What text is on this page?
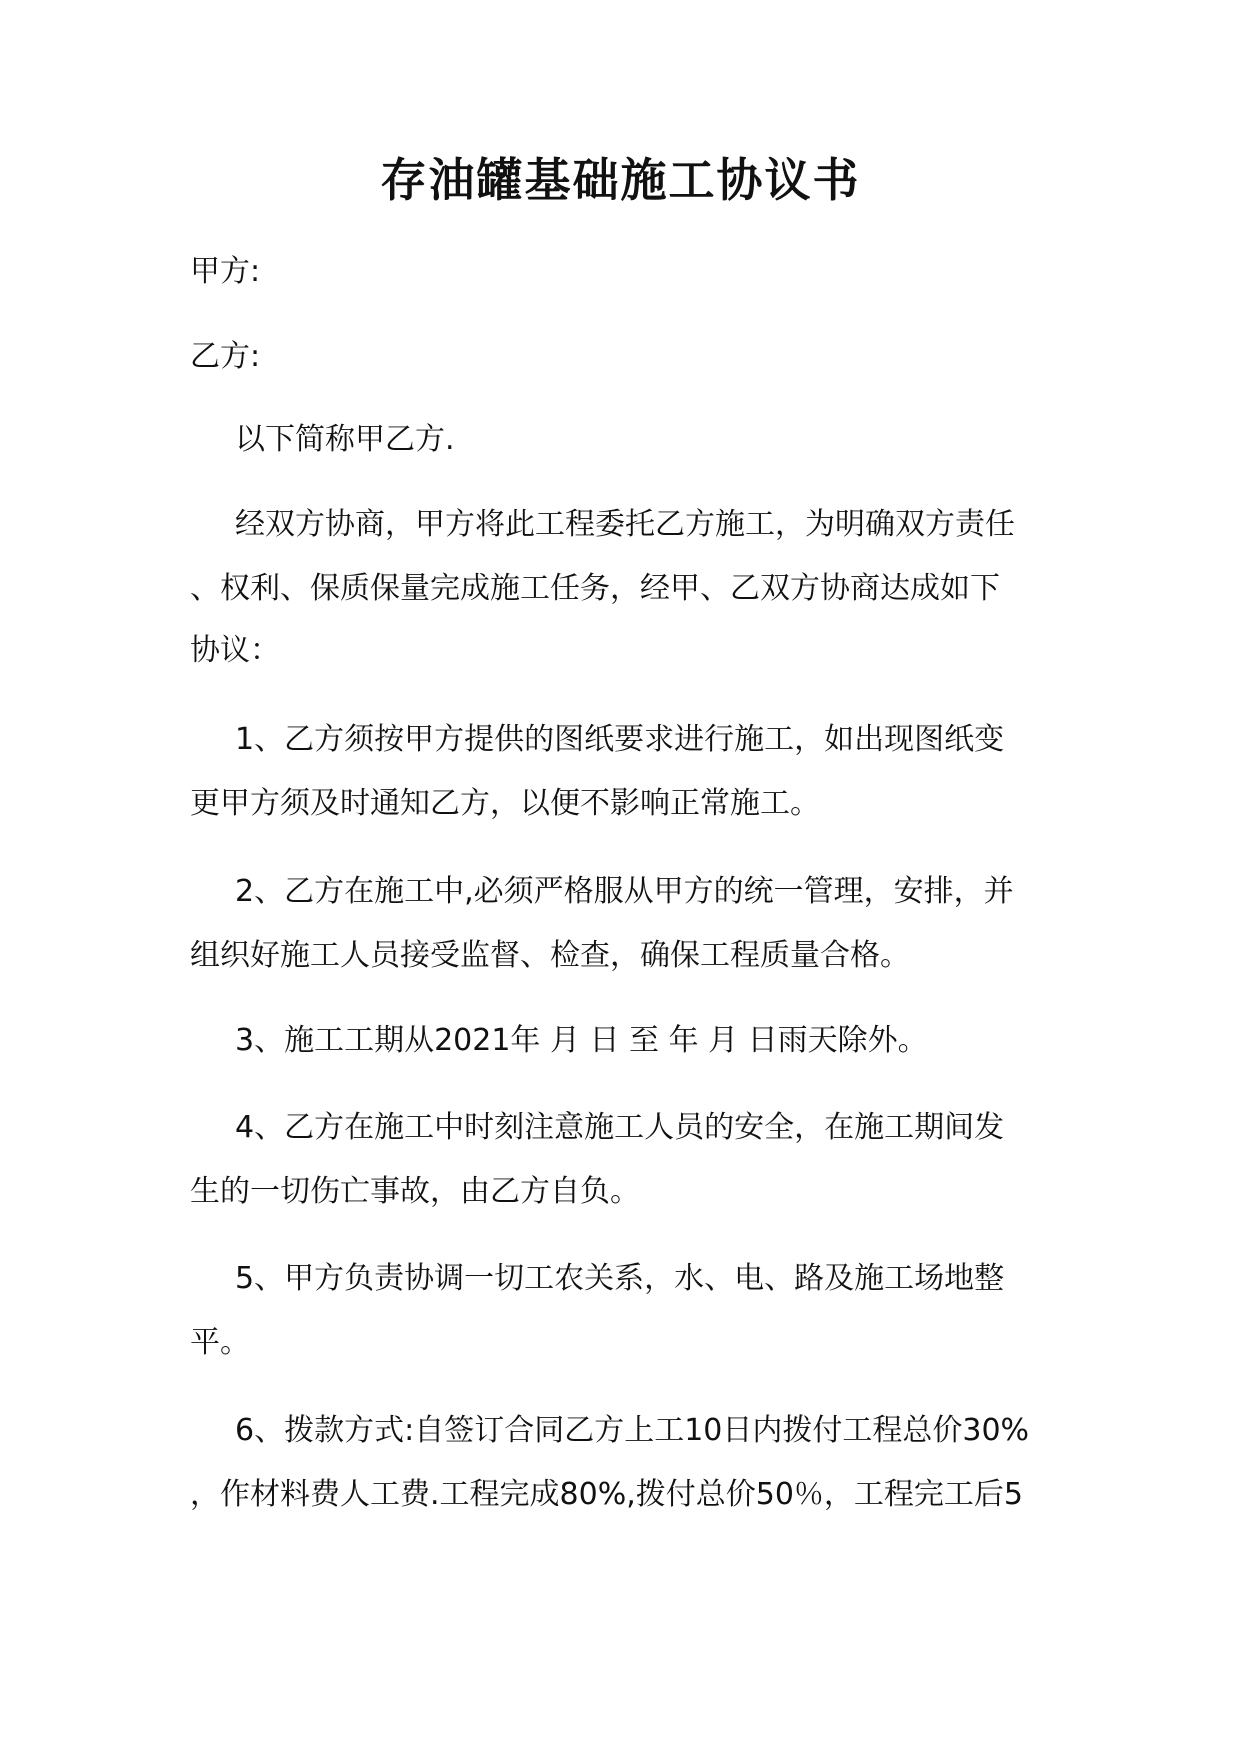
存油罐基础施工协议书

甲方:

乙方:

以下简称甲乙方.

经双方协商，甲方将此工程委托乙方施工，为明确双方责任

、权利、保质保量完成施工任务，经甲、乙双方协商达成如下

协议：

1、乙方须按甲方提供的图纸要求进行施工，如出现图纸变

更甲方须及时通知乙方，以便不影响正常施工。

2、乙方在施工中,必须严格服从甲方的统一管理，安排，并

组织好施工人员接受监督、检查，确保工程质量合格。

3、施工工期从2021年 月 日 至 年 月 日雨天除外。

4、乙方在施工中时刻注意施工人员的安全，在施工期间发

生的一切伤亡事故，由乙方自负。

5、甲方负责协调一切工农关系，水、电、路及施工场地整

平。

6、拨款方式:自签订合同乙方上工10日内拨付工程总价30%

，作材料费人工费.工程完成80%,拨付总价50％，工程完工后5
